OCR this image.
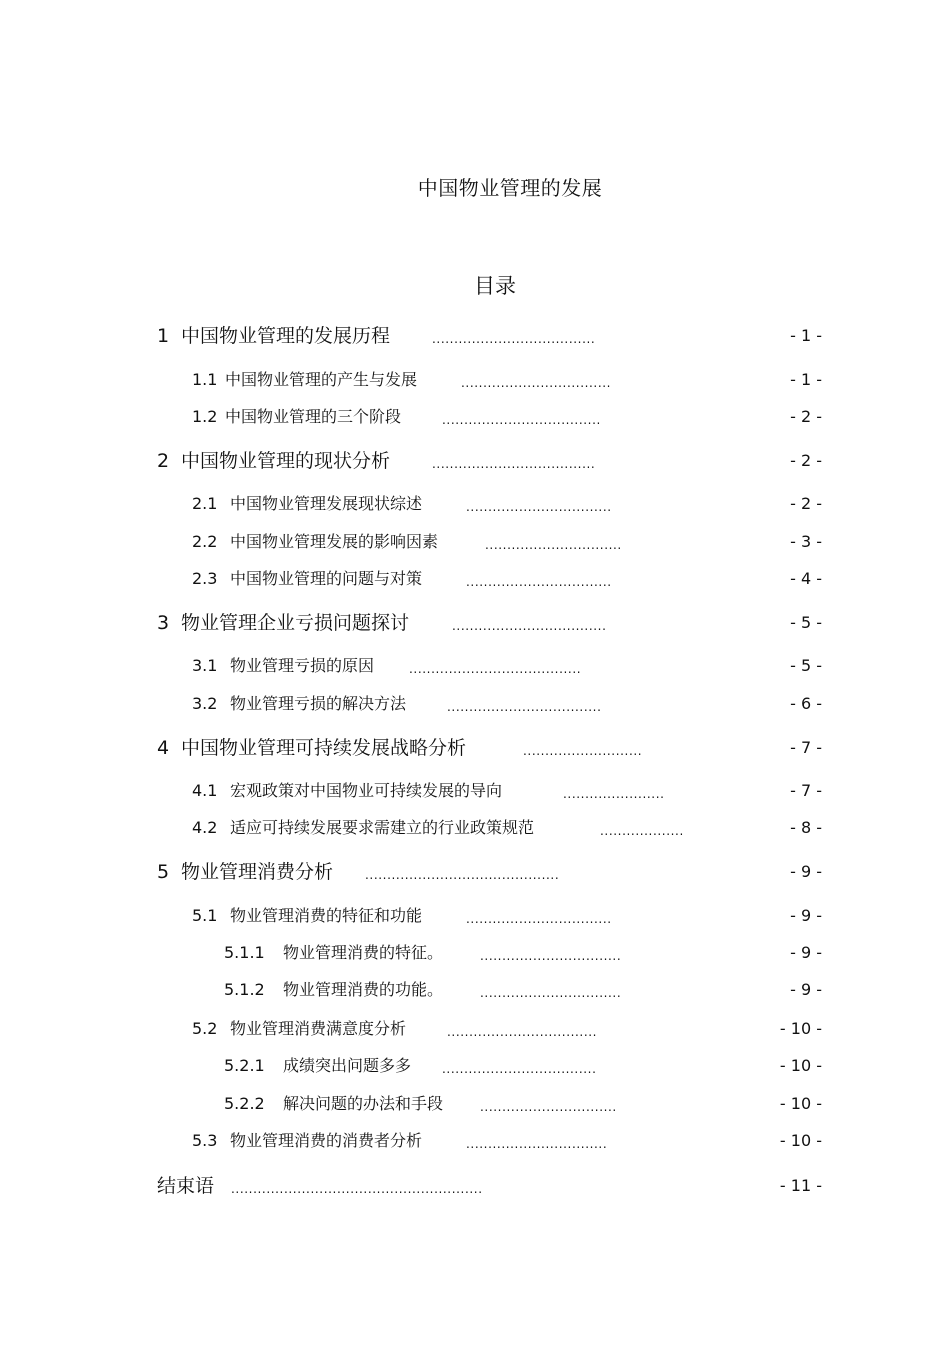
中国物业管理的发展
目录
1 中国物业管理的发展历程	.....................................	- 1 -
1.1 中国物业管理的产生与发展	..................................	- 1 -
1.2 中国物业管理的三个阶段	....................................	- 2 -
2 中国物业管理的现状分析	.....................................	- 2 -
2.1 中国物业管理发展现状综述	.................................	- 2 -
2.2 中国物业管理发展的影响因素	...............................	- 3 -
2.3 中国物业管理的问题与对策	.................................	- 4 -
3 物业管理企业亏损问题探讨	...................................	- 5 -
3.1 物业管理亏损的原因	.......................................	- 5 -
3.2 物业管理亏损的解决方法	...................................	- 6 -
4 中国物业管理可持续发展战略分析	...........................	- 7 -
4.1 宏观政策对中国物业可持续发展的导向	.......................	- 7 -
4.2 适应可持续发展要求需建立的行业政策规范	...................	- 8 -
5 物业管理消费分析	............................................	- 9 -
5.1 物业管理消费的特征和功能	.................................	- 9 -
5.1.1 物业管理消费的特征。	................................	- 9 -
5.1.2 物业管理消费的功能。	................................	- 9 -
5.2 物业管理消费满意度分析	..................................	- 10 -
5.2.1 成绩突出问题多多	...................................	- 10 -
5.2.2 解决问题的办法和手段	...............................	- 10 -
5.3 物业管理消费的消费者分析	................................	- 10 -
结束语 .........................................................	- 11 -
